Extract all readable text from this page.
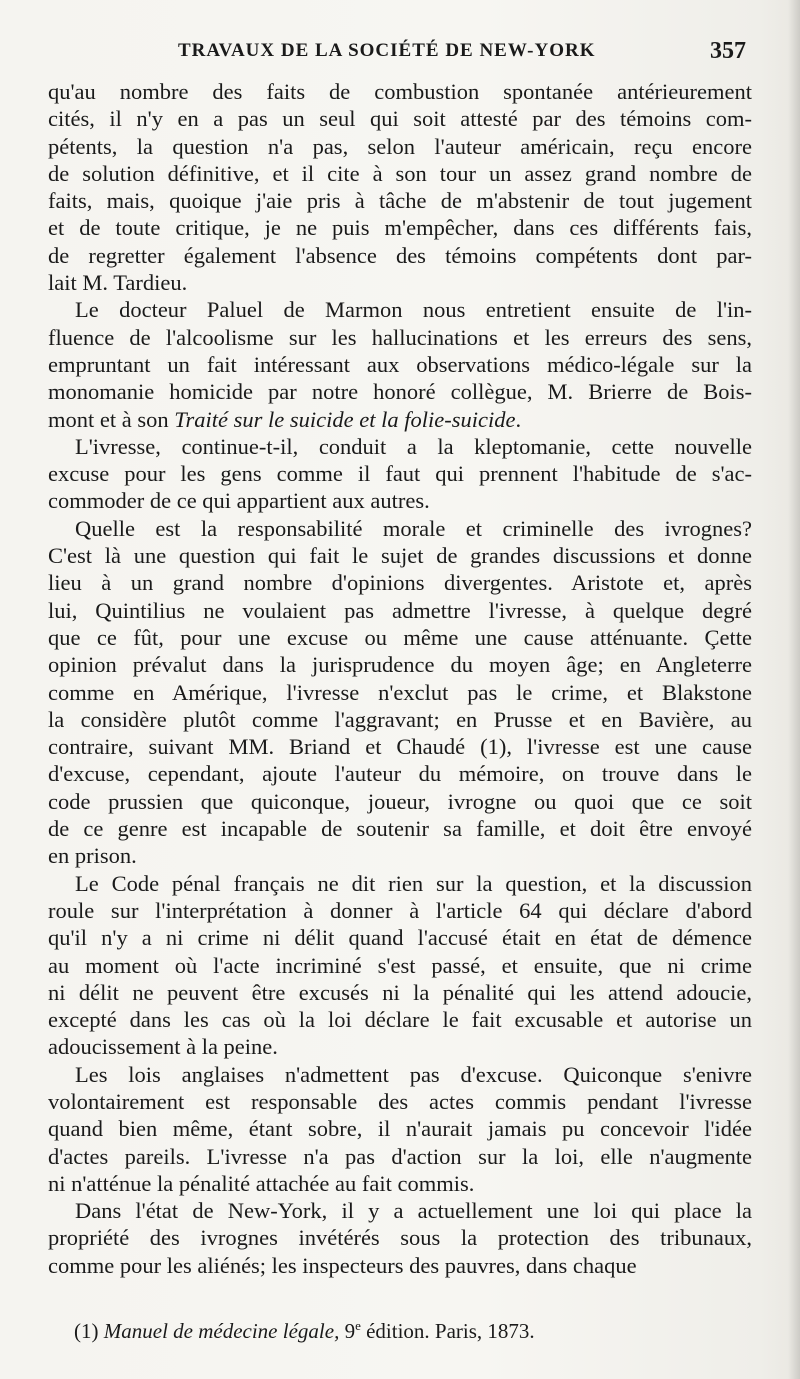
TRAVAUX DE LA SOCIÉTÉ DE NEW-YORK	357
qu'au nombre des faits de combustion spontanée antérieurement
cités, il n'y en a pas un seul qui soit attesté par des témoins com-
pétents, la question n'a pas, selon l'auteur américain, reçu encore
de solution définitive, et il cite à son tour un assez grand nombre de
faits, mais, quoique j'aie pris à tâche de m'abstenir de tout jugement
et de toute critique, je ne puis m'empêcher, dans ces différents fais,
de regretter également l'absence des témoins compétents dont par-
lait M. Tardieu.
Le docteur Paluel de Marmon nous entretient ensuite de l'in-
fluence de l'alcoolisme sur les hallucinations et les erreurs des sens,
empruntant un fait intéressant aux observations médico-légale sur la
monomanie homicide par notre honoré collègue, M. Brierre de Bois-
mont et à son Traité sur le suicide et la folie-suicide.
L'ivresse, continue-t-il, conduit a la kleptomanie, cette nouvelle
excuse pour les gens comme il faut qui prennent l'habitude de s'ac-
commoder de ce qui appartient aux autres.
Quelle est la responsabilité morale et criminelle des ivrognes?
C'est là une question qui fait le sujet de grandes discussions et donne
lieu à un grand nombre d'opinions divergentes. Aristote et, après
lui, Quintilius ne voulaient pas admettre l'ivresse, à quelque degré
que ce fût, pour une excuse ou même une cause atténuante. Çette
opinion prévalut dans la jurisprudence du moyen âge; en Angleterre
comme en Amérique, l'ivresse n'exclut pas le crime, et Blakstone
la considère plutôt comme l'aggravant; en Prusse et en Bavière, au
contraire, suivant MM. Briand et Chaudé (1), l'ivresse est une cause
d'excuse, cependant, ajoute l'auteur du mémoire, on trouve dans le
code prussien que quiconque, joueur, ivrogne ou quoi que ce soit
de ce genre est incapable de soutenir sa famille, et doit être envoyé
en prison.
Le Code pénal français ne dit rien sur la question, et la discussion
roule sur l'interprétation à donner à l'article 64 qui déclare d'abord
qu'il n'y a ni crime ni délit quand l'accusé était en état de démence
au moment où l'acte incriminé s'est passé, et ensuite, que ni crime
ni délit ne peuvent être excusés ni la pénalité qui les attend adoucie,
excepté dans les cas où la loi déclare le fait excusable et autorise un
adoucissement à la peine.
Les lois anglaises n'admettent pas d'excuse. Quiconque s'enivre
volontairement est responsable des actes commis pendant l'ivresse
quand bien même, étant sobre, il n'aurait jamais pu concevoir l'idée
d'actes pareils. L'ivresse n'a pas d'action sur la loi, elle n'augmente
ni n'atténue la pénalité attachée au fait commis.
Dans l'état de New-York, il y a actuellement une loi qui place la
propriété des ivrognes invétérés sous la protection des tribunaux,
comme pour les aliénés; les inspecteurs des pauvres, dans chaque
(1) Manuel de médecine légale, 9e édition. Paris, 1873.
